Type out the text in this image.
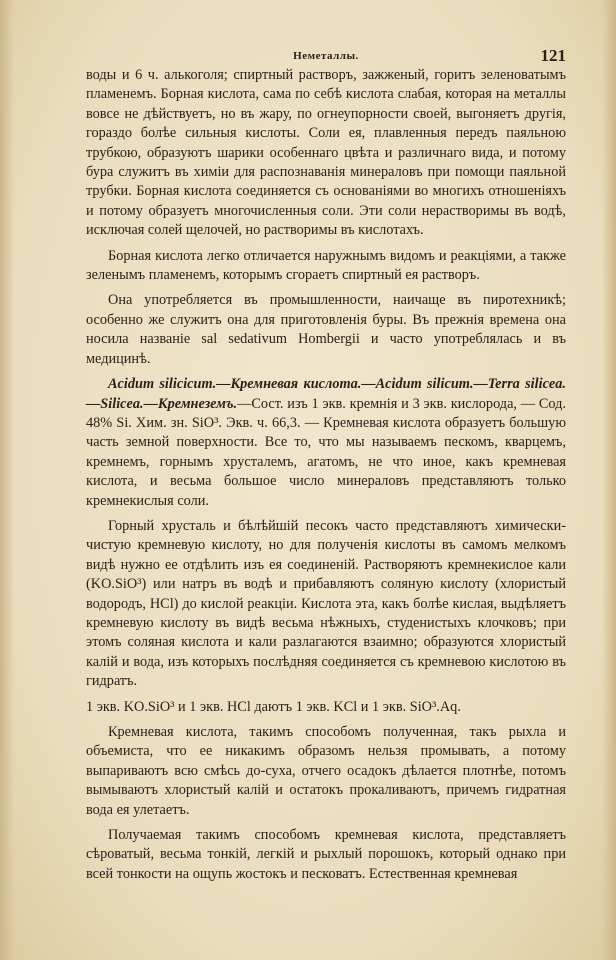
Неметаллы.	121

воды и 6 ч. алькоголя; спиртный растворъ, зажженый, горитъ зеленоватымъ пламенемъ. Борная кислота, сама по себѣ кислота слабая, которая на металлы вовсе не дѣйствуетъ, но въ жару, по огнеупорности своей, выгоняетъ другія, гораздо болѣе сильныя кислоты. Соли ея, плавленныя передъ паяльною трубкою, образуютъ шарики особеннаго цвѣта и различнаго вида, и потому бура служитъ въ химіи для распознаванія минераловъ при помощи паяльной трубки. Борная кислота соединяется съ основаніями во многихъ отношеніяхъ и потому образуетъ многочисленныя соли. Эти соли нерастворимы въ водѣ, исключая солей щелочей, но растворимы въ кислотахъ.

Борная кислота легко отличается наружнымъ видомъ и реакціями, а также зеленымъ пламенемъ, которымъ сгораетъ спиртный ея растворъ.

Она употребляется въ промышленности, наичаще въ пиротехникѣ; особенно же служитъ она для приготовленія буры. Въ прежнія времена она носила названіе sal sedativum Hombergii и часто употреблялась и въ медицинѣ.

Acidum silicicum.—Кремневая кислота.—Acidum silicum.—Terra silicea.—Silicea.—Кремнеземъ.—Сост. изъ 1 экв. кремнія и 3 экв. кислорода, — Сод. 48% Si. Хим. зн. SiO³. Экв. ч. 66,3. — Кремневая кислота образуетъ большую часть земной поверхности. Все то, что мы называемъ пескомъ, кварцемъ, кремнемъ, горнымъ хрусталемъ, агатомъ, не что иное, какъ кремневая кислота, и весьма большое число минераловъ представляютъ только кремнекислыя соли.

Горный хрусталь и бѣлѣйшій песокъ часто представляютъ химически-чистую кремневую кислоту, но для полученія кислоты въ самомъ мелкомъ видѣ нужно ее отдѣлить изъ ея соединеній. Растворяютъ кремнекислое кали (KO.SiO³) или натръ въ водѣ и прибавляютъ соляную кислоту (хлористый водородъ, HCl) до кислой реакціи. Кислота эта, какъ болѣе кислая, выдѣляетъ кремневую кислоту въ видѣ весьма нѣжныхъ, студенистыхъ клочковъ; при этомъ соляная кислота и кали разлагаются взаимно; образуются хлористый калій и вода, изъ которыхъ послѣдняя соединяется съ кремневою кислотою въ гидратъ.

1 экв. KO.SiO³ и 1 экв. HCl даютъ 1 экв. KCl и 1 экв. SiO³.Aq.

Кремневая кислота, такимъ способомъ полученная, такъ рыхла и объемиста, что ее никакимъ образомъ нельзя промывать, а потому выпариваютъ всю смѣсь до-суха, отчего осадокъ дѣлается плотнѣе, потомъ вымываютъ хлористый калій и остатокъ прокаливаютъ, причемъ гидратная вода ея улетаетъ.

Получаемая такимъ способомъ кремневая кислота, представляетъ сѣроватый, весьма тонкій, легкій и рыхлый порошокъ, который однако при всей тонкости на ощупь жостокъ и песковатъ. Естественная кремневая
